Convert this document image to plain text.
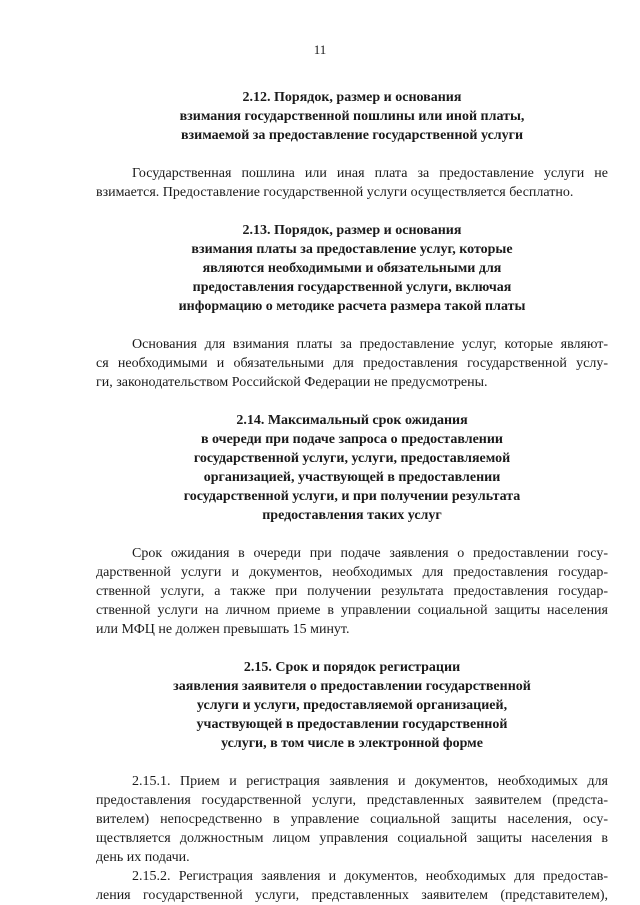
11
2.12. Порядок, размер и основания
взимания государственной пошлины или иной платы,
взимаемой за предоставление государственной услуги
Государственная пошлина или иная плата за предоставление услуги не
взимается. Предоставление государственной услуги осуществляется бесплатно.
2.13. Порядок, размер и основания
взимания платы за предоставление услуг, которые
являются необходимыми и обязательными для
предоставления государственной услуги, включая
информацию о методике расчета размера такой платы
Основания для взимания платы за предоставление услуг, которые являют-
ся необходимыми и обязательными для предоставления государственной услу-
ги, законодательством Российской Федерации не предусмотрены.
2.14. Максимальный срок ожидания
в очереди при подаче запроса о предоставлении
государственной услуги, услуги, предоставляемой
организацией, участвующей в предоставлении
государственной услуги, и при получении результата
предоставления таких услуг
Срок ожидания в очереди при подаче заявления о предоставлении госу-
дарственной услуги и документов, необходимых для предоставления государ-
ственной услуги, а также при получении результата предоставления государ-
ственной услуги на личном приеме в управлении социальной защиты населения
или МФЦ не должен превышать 15 минут.
2.15. Срок и порядок регистрации
заявления заявителя о предоставлении государственной
услуги и услуги, предоставляемой организацией,
участвующей в предоставлении государственной
услуги, в том числе в электронной форме
2.15.1. Прием и регистрация заявления и документов, необходимых для
предоставления государственной услуги, представленных заявителем (предста-
вителем) непосредственно в управление социальной защиты населения, осу-
ществляется должностным лицом управления социальной защиты населения в
день их подачи.
2.15.2. Регистрация заявления и документов, необходимых для предостав-
ления государственной услуги, представленных заявителем (представителем),
